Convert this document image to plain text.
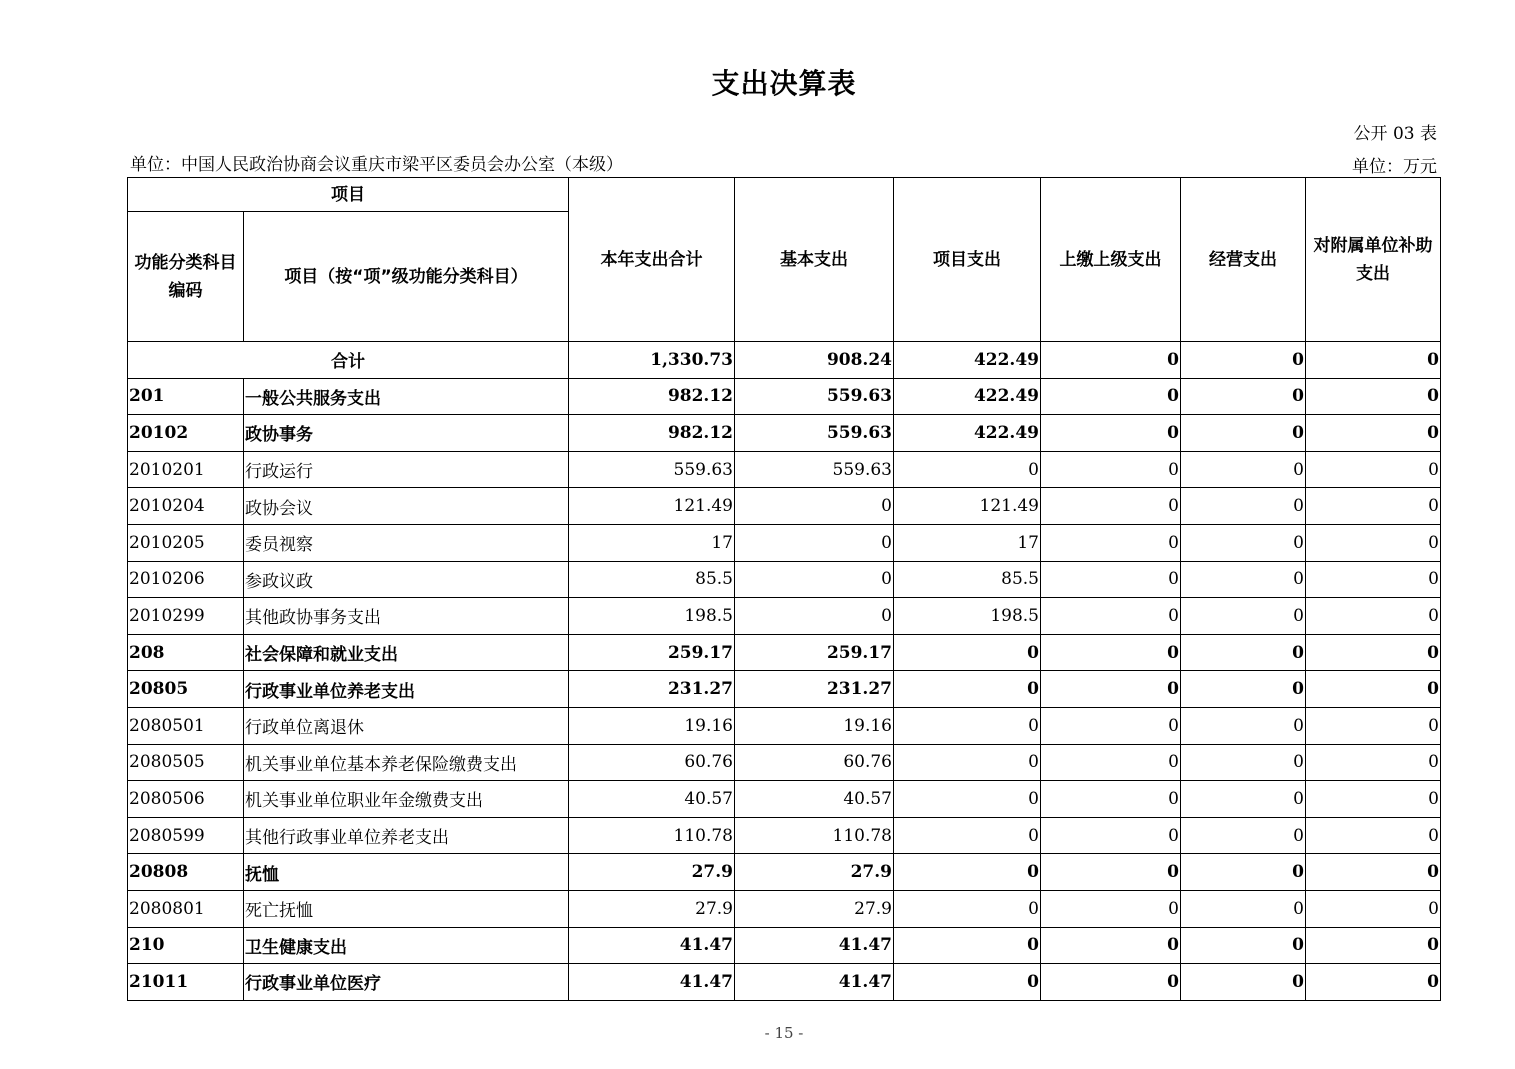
支出决算表
公开 03 表
单位：中国人民政治协商会议重庆市梁平区委员会办公室（本级）	单位：万元
项目		本年支出合计	基本支出	项目支出	上缴上级支出	经营支出	对附属单位补助支出
功能分类科目编码	项目（按“项”级功能分类科目）						
合计		1,330.73	908.24	422.49	0	0	0
201	一般公共服务支出	982.12	559.63	422.49	0	0	0
20102	政协事务	982.12	559.63	422.49	0	0	0
2010201	行政运行	559.63	559.63	0	0	0	0
2010204	政协会议	121.49	0	121.49	0	0	0
2010205	委员视察	17	0	17	0	0	0
2010206	参政议政	85.5	0	85.5	0	0	0
2010299	其他政协事务支出	198.5	0	198.5	0	0	0
208	社会保障和就业支出	259.17	259.17	0	0	0	0
20805	行政事业单位养老支出	231.27	231.27	0	0	0	0
2080501	行政单位离退休	19.16	19.16	0	0	0	0
2080505	机关事业单位基本养老保险缴费支出	60.76	60.76	0	0	0	0
2080506	机关事业单位职业年金缴费支出	40.57	40.57	0	0	0	0
2080599	其他行政事业单位养老支出	110.78	110.78	0	0	0	0
20808	抚恤	27.9	27.9	0	0	0	0
2080801	死亡抚恤	27.9	27.9	0	0	0	0
210	卫生健康支出	41.47	41.47	0	0	0	0
21011	行政事业单位医疗	41.47	41.47	0	0	0	0
- 15 -
